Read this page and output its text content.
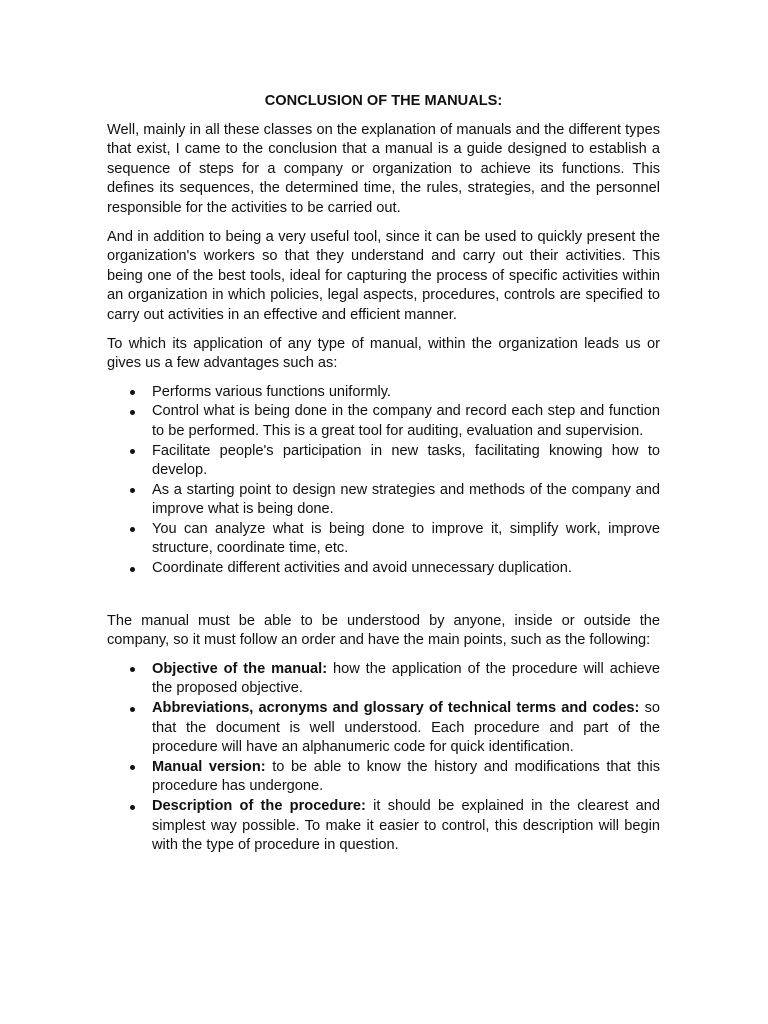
CONCLUSION OF THE MANUALS:

Well, mainly in all these classes on the explanation of manuals and the different types that exist, I came to the conclusion that a manual is a guide designed to establish a sequence of steps for a company or organization to achieve its functions. This defines its sequences, the determined time, the rules, strategies, and the personnel responsible for the activities to be carried out.

And in addition to being a very useful tool, since it can be used to quickly present the organization's workers so that they understand and carry out their activities. This being one of the best tools, ideal for capturing the process of specific activities within an organization in which policies, legal aspects, procedures, controls are specified to carry out activities in an effective and efficient manner.

To which its application of any type of manual, within the organization leads us or gives us a few advantages such as:

Performs various functions uniformly.
Control what is being done in the company and record each step and function to be performed. This is a great tool for auditing, evaluation and supervision.
Facilitate people's participation in new tasks, facilitating knowing how to develop.
As a starting point to design new strategies and methods of the company and improve what is being done.
You can analyze what is being done to improve it, simplify work, improve structure, coordinate time, etc.
Coordinate different activities and avoid unnecessary duplication.

The manual must be able to be understood by anyone, inside or outside the company, so it must follow an order and have the main points, such as the following:

Objective of the manual: how the application of the procedure will achieve the proposed objective.
Abbreviations, acronyms and glossary of technical terms and codes: so that the document is well understood. Each procedure and part of the procedure will have an alphanumeric code for quick identification.
Manual version: to be able to know the history and modifications that this procedure has undergone.
Description of the procedure: it should be explained in the clearest and simplest way possible. To make it easier to control, this description will begin with the type of procedure in question.
